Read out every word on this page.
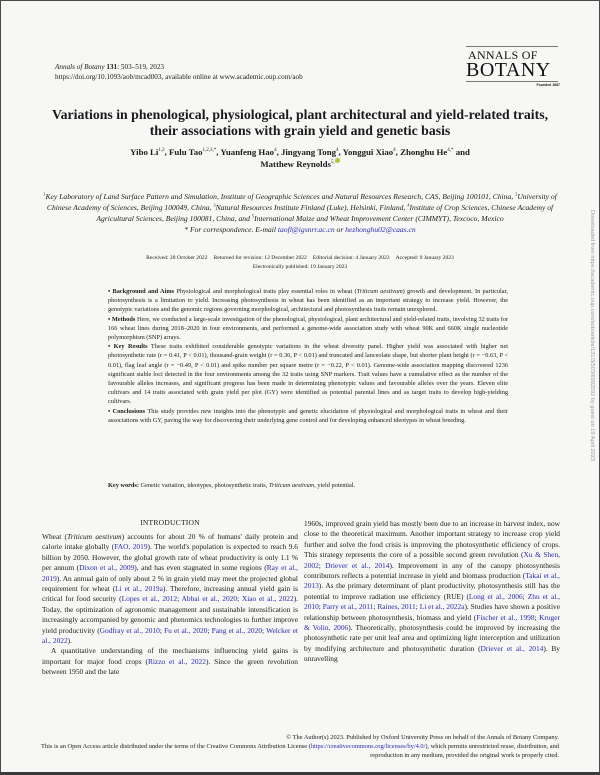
Annals of Botany 131: 503–519, 2023
https://doi.org/10.1093/aob/mcad003, available online at www.academic.oup.com/aob
ANNALS OF
BOTANY
Founded 1887
Variations in phenological, physiological, plant architectural and yield-related traits, their associations with grain yield and genetic basis
Yibo Li$^{1,2}$, Fulu Tao$^{1,2,3,*}$, Yuanfeng Hao$^4$, Jingyang Tong$^4$, Yonggui Xiao$^4$, Zhonghu $He^{4,*}$ and
Matthew Reynolds$^{5,}$
$^1$Key Laboratory of Land Surface Pattern and Simulation, Institute of Geographic Sciences and Natural Resources Research, CAS, Beijing 100101, China, $^2$University of Chinese Academy of Sciences, Beijing 100049, China, $^3$Natural Resources Institute Finland (Luke), Helsinki, Finland, $^4$Institute of Crop Sciences, Chinese Academy of Agricultural Sciences, Beijing 100081, China, and $^5$International Maize and Wheat Improvement Center (CIMMYT), Texcoco, Mexico
* For correspondence. E-mail taofl@igsnrr.ac.cn or hezhonghu02@caas.cn
Received: 28 October 2022 Returned for revision: 12 December 2022 Editorial decision: 4 January 2023 Accepted: 9 January 2023
Electronically published: 19 January 2023

• Background and Aims Physiological and morphological traits play essential roles in wheat (Triticum aestivum) growth and development. In particular, photosynthesis is a limitation to yield. Increasing photosynthesis in wheat has been identified as an important strategy to increase yield. However, the genotypic variations and the genomic regions governing morphological, architectural and photosynthesis traits remain unexplored.

• Methods Here, we conducted a large-scale investigation of the phenological, physiological, plant architectural and yield-related traits, involving 32 traits for 166 wheat lines during 2018–2020 in four environments, and performed a genome-wide association study with wheat 90K and 660K single nucleotide polymorphism (SNP) arrays.

• Key Results These traits exhibited considerable genotypic variations in the wheat diversity panel. Higher yield was associated with higher net photosynthetic rate (r = 0.41, P < 0.01), thousand-grain weight (r = 0.36, P < 0.01) and truncated and lanceolate shape, but shorter plant height (r = −0.63, P < 0.01), flag leaf angle (r = −0.49, P < 0.01) and spike number per square metre (r = −0.22, P < 0.01). Genome-wide association mapping discovered 1236 significant stable loci detected in the four environments among the 32 traits using SNP markers. Trait values have a cumulative effect as the number of the favourable alleles increases, and significant progress has been made in determining phenotypic values and favourable alleles over the years. Eleven elite cultivars and 14 traits associated with grain yield per plot (GY) were identified as potential parental lines and as target traits to develop high-yielding cultivars.

• Conclusions This study provides new insights into the phenotypic and genetic elucidation of physiological and morphological traits in wheat and their associations with GY, paving the way for discovering their underlying gene control and for developing enhanced ideotypes in wheat breeding.

Key words: Genetic variation, ideotypes, photosynthetic traits, Triticum aestivum, yield potential.
INTRODUCTION

Wheat (Triticum aestivum) accounts for about 20 % of humans' daily protein and calorie intake globally (FAO, 2019). The world's population is expected to reach 9.6 billion by 2050. However, the global growth rate of wheat productivity is only 1.1 % per annum (Dixon et al., 2009), and has even stagnated in some regions (Ray et al., 2019). An annual gain of only about 2 % in grain yield may meet the projected global requirement for wheat (Li et al., 2019a). Therefore, increasing annual yield gain is critical for food security (Lopes et al., 2012; Abbai et al., 2020; Xiao et al., 2022). Today, the optimization of agronomic management and sustainable intensification is increasingly accompanied by genomic and phenomics technologies to further improve yield productivity (Godfray et al., 2010; Fu et al., 2020; Pang et al., 2020; Welcker et al., 2022).

A quantitative understanding of the mechanisms influencing yield gains is important for major food crops (Rizzo et al., 2022). Since the green revolution between 1950 and the late

1960s, improved grain yield has mostly been due to an increase in harvest index, now close to the theoretical maximum. Another important strategy to increase crop yield further and solve the food crisis is improving the photosynthetic efficiency of crops. This strategy represents the core of a possible second green revolution (Xu & Shen, 2002; Driever et al., 2014). Improvement in any of the canopy photosynthesis contributors reflects a potential increase in yield and biomass production (Takai et al., 2013). As the primary determinant of plant productivity, photosynthesis still has the potential to improve radiation use efficiency (RUE) (Long et al., 2006; Zhu et al., 2010; Parry et al., 2011; Raines, 2011; Li et al., 2022a). Studies have shown a positive relationship between photosynthesis, biomass and yield (Fischer et al., 1998; Kruger & Volin, 2006). Theoretically, photosynthesis could be improved by increasing the photosynthetic rate per unit leaf area and optimizing light interception and utilization by modifying architecture and photosynthetic duration (Driever et al., 2014). By unravelling

© The Author(s) 2023. Published by Oxford University Press on behalf of the Annals of Botany Company.
This is an Open Access article distributed under the terms of the Creative Commons Attribution License (https://creativecommons.org/licenses/by/4.0/), which permits unrestricted reuse, distribution, and reproduction in any medium, provided the original work is properly cited.
Downloaded from https://academic.oup.com/aob/article/131/3/503/6992592 by guest on 19 April 2023
